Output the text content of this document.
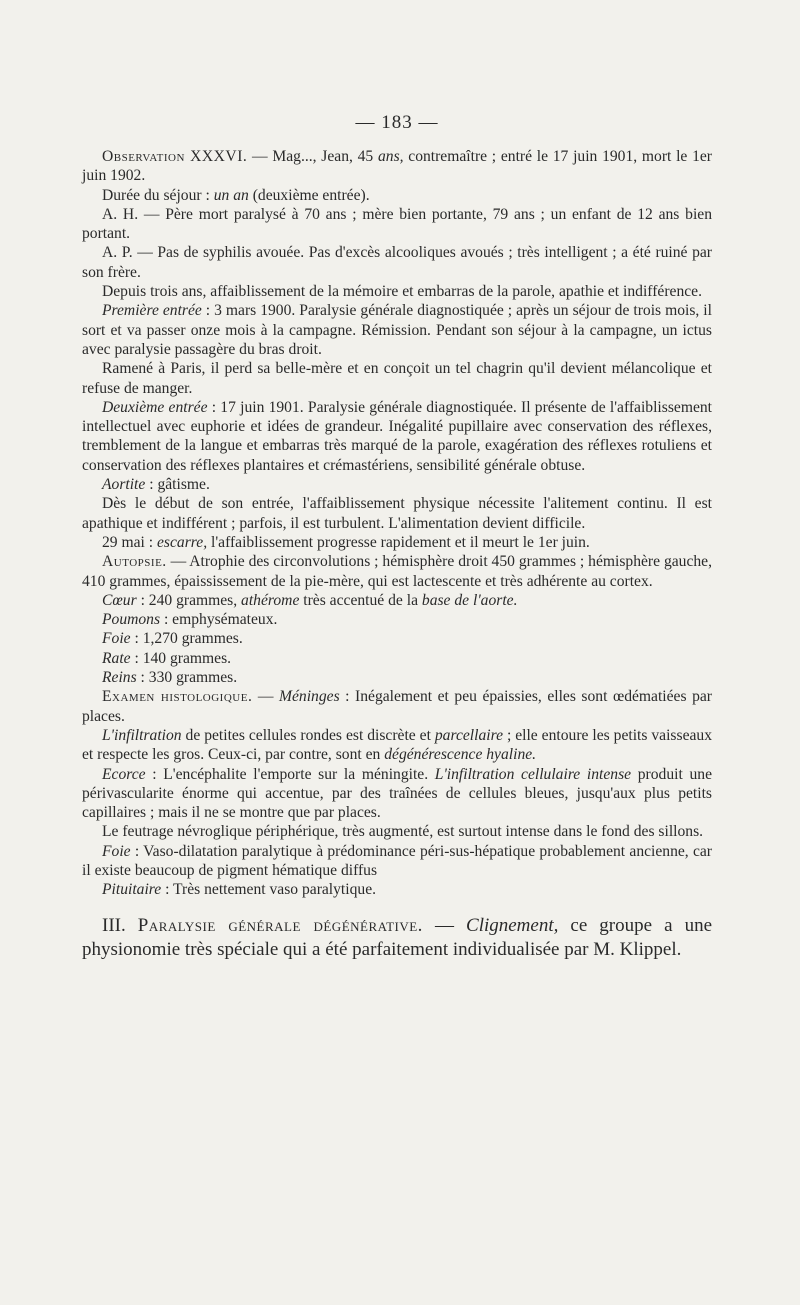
— 183 —

Observation XXXVI. — Mag..., Jean, 45 ans, contremaître ; entré le 17 juin 1901, mort le 1er juin 1902.

Durée du séjour : un an (deuxième entrée).

A. H. — Père mort paralysé à 70 ans ; mère bien portante, 79 ans ; un enfant de 12 ans bien portant.

A. P. — Pas de syphilis avouée. Pas d'excès alcooliques avoués ; très intelligent ; a été ruiné par son frère.

Depuis trois ans, affaiblissement de la mémoire et embarras de la parole, apathie et indifférence.

Première entrée : 3 mars 1900. Paralysie générale diagnostiquée ; après un séjour de trois mois, il sort et va passer onze mois à la campagne. Rémission. Pendant son séjour à la campagne, un ictus avec paralysie passagère du bras droit.

Ramené à Paris, il perd sa belle-mère et en conçoit un tel chagrin qu'il devient mélancolique et refuse de manger.

Deuxième entrée : 17 juin 1901. Paralysie générale diagnostiquée. Il présente de l'affaiblissement intellectuel avec euphorie et idées de grandeur. Inégalité pupillaire avec conservation des réflexes, tremblement de la langue et embarras très marqué de la parole, exagération des réflexes rotuliens et conservation des réflexes plantaires et crémastériens, sensibilité générale obtuse.

Aortite : gâtisme.

Dès le début de son entrée, l'affaiblissement physique nécessite l'alitement continu. Il est apathique et indifférent ; parfois, il est turbulent. L'alimentation devient difficile.

29 mai : escarre, l'affaiblissement progresse rapidement et il meurt le 1er juin.

Autopsie. — Atrophie des circonvolutions ; hémisphère droit 450 grammes ; hémisphère gauche, 410 grammes, épaississement de la pie-mère, qui est lactescente et très adhérente au cortex.

Cœur : 240 grammes, athérome très accentué de la base de l'aorte.

Poumons : emphysémateux.

Foie : 1,270 grammes.

Rate : 140 grammes.

Reins : 330 grammes.

Examen histologique. — Méninges : Inégalement et peu épaissies, elles sont œdématiées par places.

L'infiltration de petites cellules rondes est discrète et parcellaire ; elle entoure les petits vaisseaux et respecte les gros. Ceux-ci, par contre, sont en dégénérescence hyaline.

Ecorce : L'encéphalite l'emporte sur la méningite. L'infiltration cellulaire intense produit une périvascularite énorme qui accentue, par des traînées de cellules bleues, jusqu'aux plus petits capillaires ; mais il ne se montre que par places.

Le feutrage névroglique périphérique, très augmenté, est surtout intense dans le fond des sillons.

Foie : Vaso-dilatation paralytique à prédominance péri-sus-hépatique probablement ancienne, car il existe beaucoup de pigment hématique diffus

Pituitaire : Très nettement vaso paralytique.

III. Paralysie générale dégénérative. — Clignement, ce groupe a une physionomie très spéciale qui a été parfaitement individualisée par M. Klippel.
